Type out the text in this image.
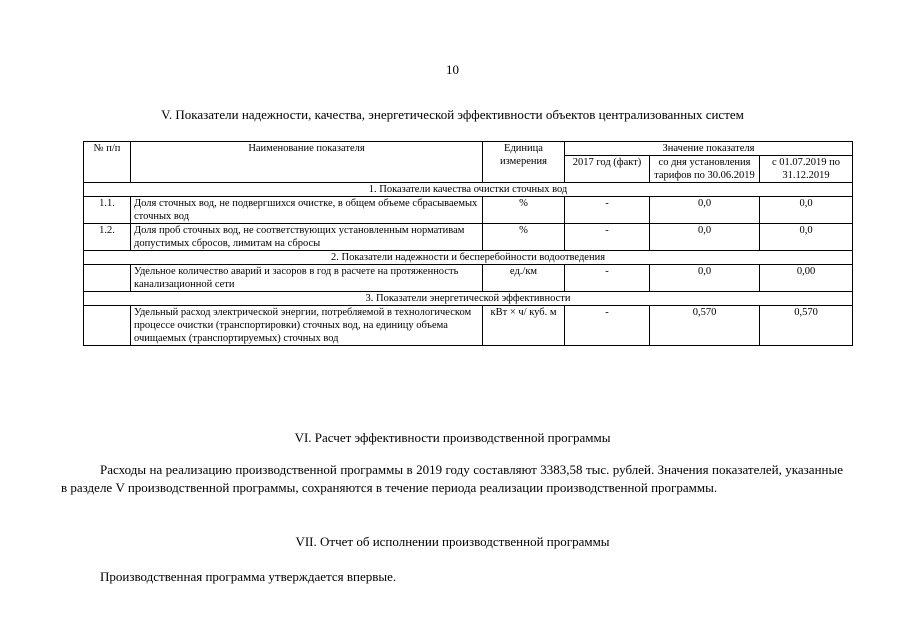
10
V. Показатели надежности, качества, энергетической эффективности объектов централизованных систем
№ п/п	Наименование показателя	Единица измерения	Значение показателя		
			2017 год (факт)	со дня установления тарифов по 30.06.2019	с 01.07.2019 по 31.12.2019
1. Показатели качества очистки сточных вод					
1.1.	Доля сточных вод, не подвергшихся очистке, в общем объеме сбрасываемых сточных вод	%	-	0,0	0,0
1.2.	Доля проб сточных вод, не соответствующих установленным нормативам допустимых сбросов, лимитам на сбросы	%	-	0,0	0,0
2. Показатели надежности и бесперебойности водоотведения					
	Удельное количество аварий и засоров в год в расчете на протяженность канализационной сети	ед./км	-	0,0	0,00
3. Показатели энергетической эффективности					
	Удельный расход электрической энергии, потребляемой в технологическом процессе очистки (транспортировки) сточных вод, на единицу объема очищаемых (транспортируемых) сточных вод	кВт × ч/ куб. м	-	0,570	0,570
VI. Расчет эффективности производственной программы
Расходы на реализацию производственной программы в 2019 году составляют 3383,58 тыс. рублей. Значения показателей, указанные в разделе V производственной программы, сохраняются в течение периода реализации производственной программы.
VII. Отчет об исполнении производственной программы
Производственная программа утверждается впервые.
